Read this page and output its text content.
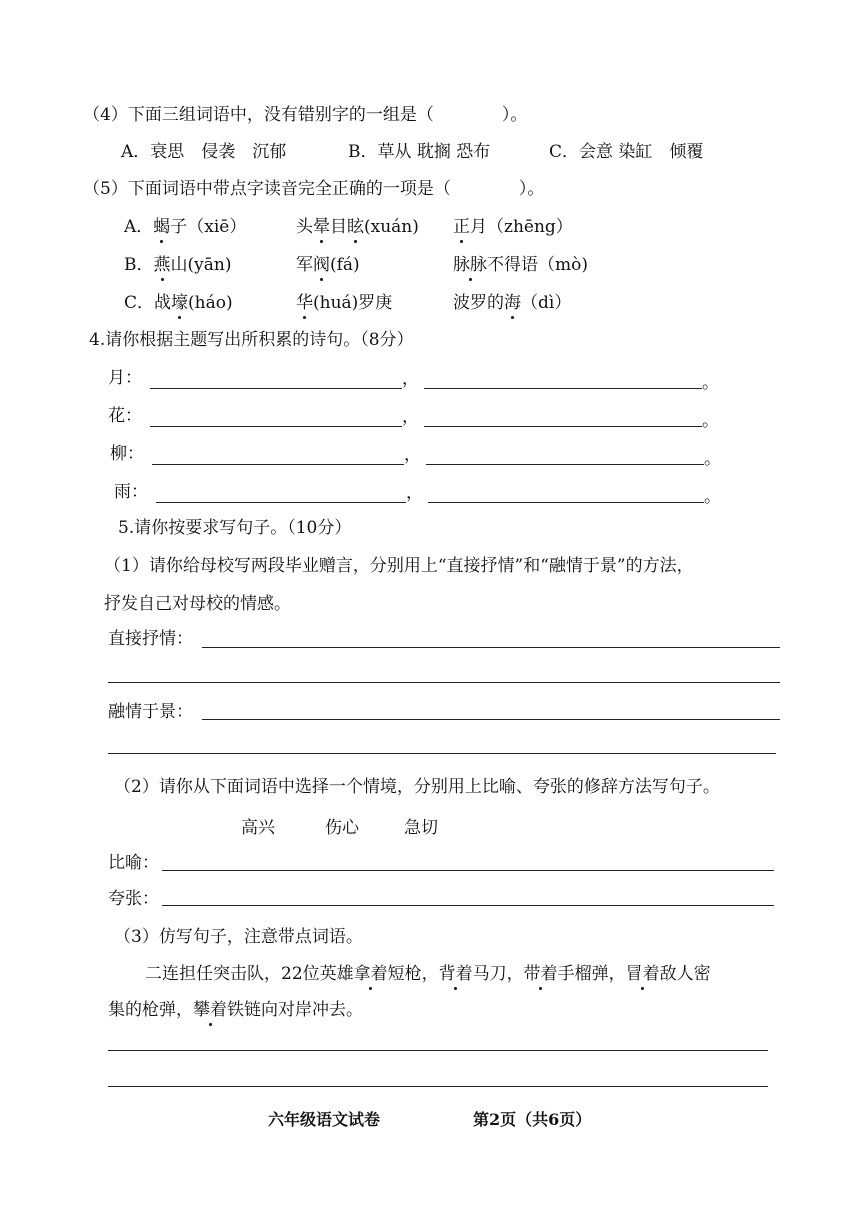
（4）下面三组词语中，没有错别字的一组是（　　　　）。
A．衰思　侵袭　沉郁	B．草从 耽搁 恐布	C．会意 染缸　倾覆
（5）下面词语中带点字读音完全正确的一项是（　　　　）。
A．蝎子（xiē）	头晕目眩(xuán) 正月（zhēng）
B．燕山(yān)	军阀(fá)	脉脉不得语（mò)
C．战壕(háo)	华(huá)罗庚	波罗的海（dì）
4.请你根据主题写出所积累的诗句。（8分）
月：	，	。
花：	，	。
柳：	，	。
雨：	，	。
5.请你按要求写句子。（10分）
（1）请你给母校写两段毕业赠言，分别用上“直接抒情”和“融情于景”的方法，
抒发自己对母校的情感。
直接抒情：
融情于景：
（2）请你从下面词语中选择一个情境，分别用上比喻、夸张的修辞方法写句子。
高兴	伤心	急切
比喻：
夸张：
（3）仿写句子，注意带点词语。
二连担任突击队，22位英雄拿着短枪，背着马刀，带着手榴弹，冒着敌人密
集的枪弹，攀着铁链向对岸冲去。
六年级语文试卷	第2页（共6页）
